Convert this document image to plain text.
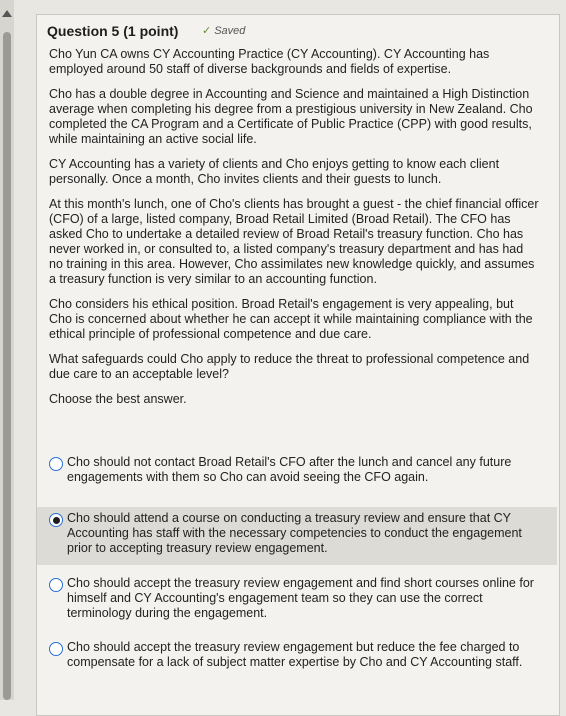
Question 5 (1 point) ✓ Saved

Cho Yun CA owns CY Accounting Practice (CY Accounting). CY Accounting has employed around 50 staff of diverse backgrounds and fields of expertise.

Cho has a double degree in Accounting and Science and maintained a High Distinction average when completing his degree from a prestigious university in New Zealand. Cho completed the CA Program and a Certificate of Public Practice (CPP) with good results, while maintaining an active social life.

CY Accounting has a variety of clients and Cho enjoys getting to know each client personally. Once a month, Cho invites clients and their guests to lunch.

At this month's lunch, one of Cho's clients has brought a guest - the chief financial officer (CFO) of a large, listed company, Broad Retail Limited (Broad Retail). The CFO has asked Cho to undertake a detailed review of Broad Retail's treasury function. Cho has never worked in, or consulted to, a listed company's treasury department and has had no training in this area. However, Cho assimilates new knowledge quickly, and assumes a treasury function is very similar to an accounting function.

Cho considers his ethical position. Broad Retail's engagement is very appealing, but Cho is concerned about whether he can accept it while maintaining compliance with the ethical principle of professional competence and due care.

What safeguards could Cho apply to reduce the threat to professional competence and due care to an acceptable level?

Choose the best answer.

Cho should not contact Broad Retail's CFO after the lunch and cancel any future engagements with them so Cho can avoid seeing the CFO again.
Cho should attend a course on conducting a treasury review and ensure that CY Accounting has staff with the necessary competencies to conduct the engagement prior to accepting treasury review engagement.
Cho should accept the treasury review engagement and find short courses online for himself and CY Accounting's engagement team so they can use the correct terminology during the engagement.
Cho should accept the treasury review engagement but reduce the fee charged to compensate for a lack of subject matter expertise by Cho and CY Accounting staff.
